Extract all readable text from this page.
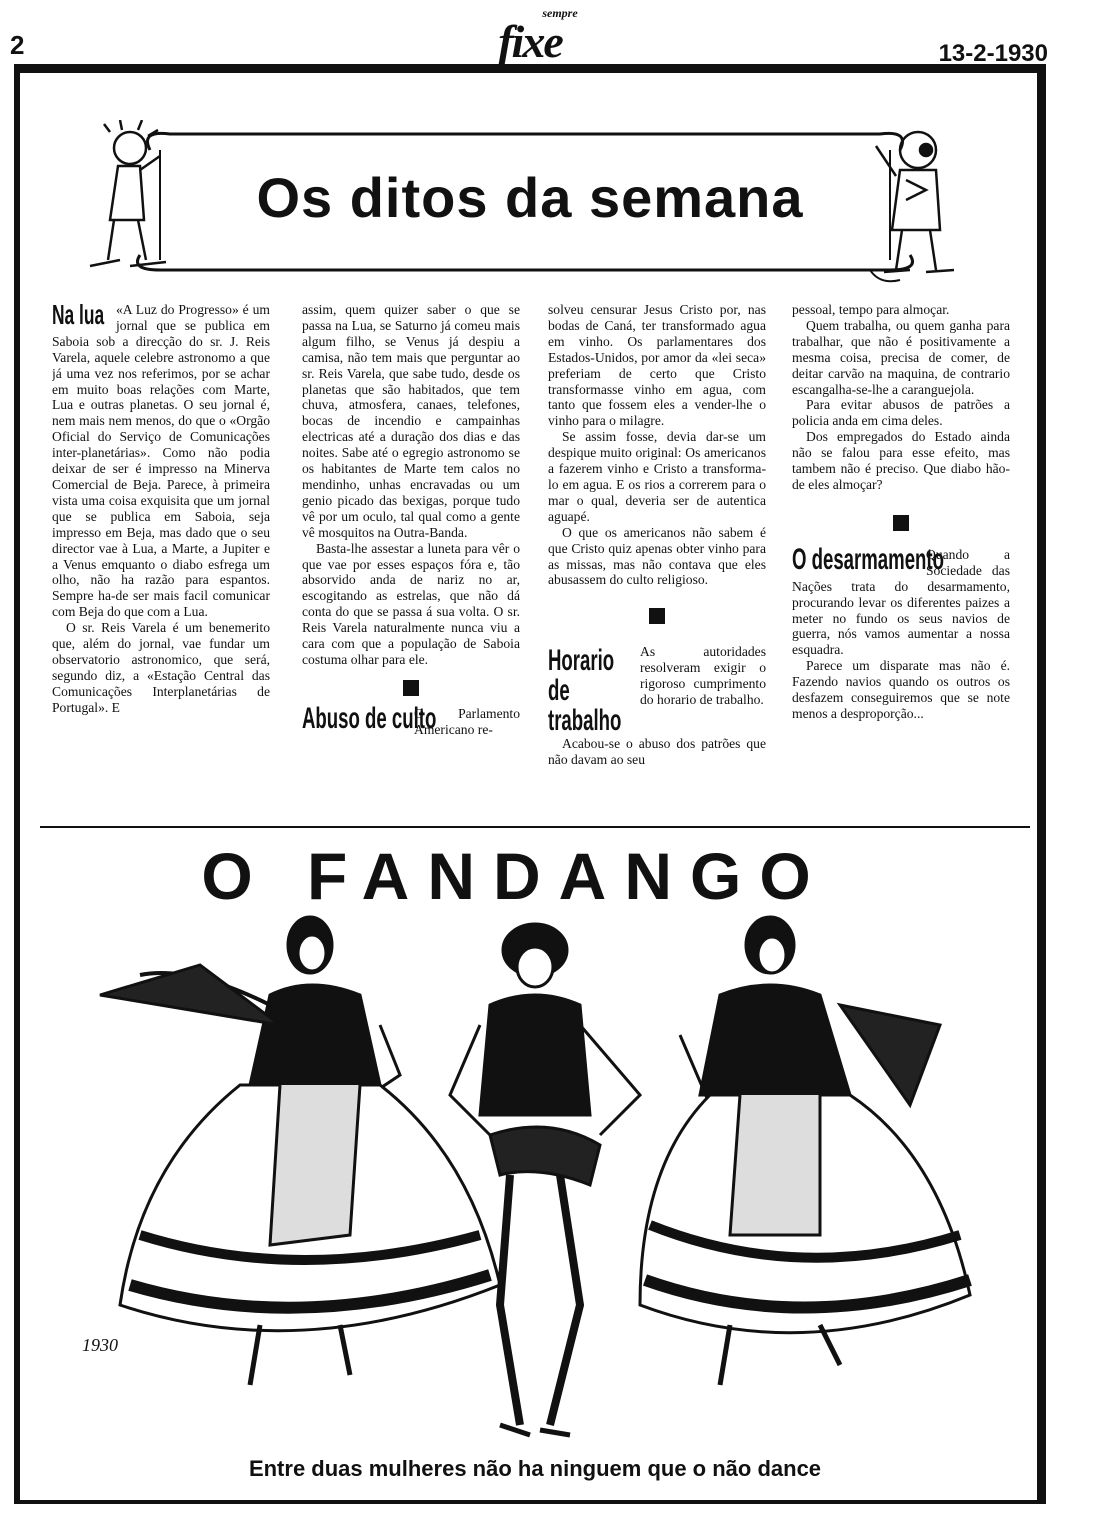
2
sempre
fixe	13-2-1930
Os ditos da semana
Na lua «A Luz do Progresso» é um jornal que se publica em Saboia sob a direcção do sr. J. Reis Varela, aquele celebre astronomo a que já uma vez nos referimos, por se achar em muito boas relações com Marte, Lua e outras planetas. O seu jornal é, nem mais nem menos, do que o «Orgão Oficial do Serviço de Comunicações inter-planetárias». Como não podia deixar de ser é impresso na Minerva Comercial de Beja. Parece, à primeira vista uma coisa exquisita que um jornal que se publica em Saboia, seja impresso em Beja, mas dado que o seu director vae à Lua, a Marte, a Jupiter e a Venus emquanto o diabo esfrega um olho, não ha razão para espantos. Sempre ha-de ser mais facil comunicar com Beja do que com a Lua.

O sr. Reis Varela é um benemerito que, além do jornal, vae fundar um observatorio astronomico, que será, segundo diz, a «Estação Central das Comunicações Interplanetárias de Portugal». E

assim, quem quizer saber o que se passa na Lua, se Saturno já comeu mais algum filho, se Venus já despiu a camisa, não tem mais que perguntar ao sr. Reis Varela, que sabe tudo, desde os planetas que são habitados, que tem chuva, atmosfera, canaes, telefones, bocas de incendio e campainhas electricas até a duração dos dias e das noites. Sabe até o egregio astronomo se os habitantes de Marte tem calos no mendinho, unhas encravadas ou um genio picado das bexigas, porque tudo vê por um oculo, tal qual como a gente vê mosquitos na Outra-Banda.

Basta-lhe assestar a luneta para vêr o que vae por esses espaços fóra e, tão absorvido anda de nariz no ar, escogitando as estrelas, que não dá conta do que se passa á sua volta. O sr. Reis Varela naturalmente nunca viu a cara com que a população de Saboia costuma olhar para ele.

Abuso de culto

O Parlamento Americano re-

solveu censurar Jesus Cristo por, nas bodas de Caná, ter transformado agua em vinho. Os parlamentares dos Estados-Unidos, por amor da «lei seca» preferiam de certo que Cristo transformasse vinho em agua, com tanto que fossem eles a vender-lhe o vinho para o milagre.

Se assim fosse, devia dar-se um despique muito original: Os americanos a fazerem vinho e Cristo a transforma-lo em agua. E os rios a correrem para o mar o qual, deveria ser de autentica aguapé.

O que os americanos não sabem é que Cristo quiz apenas obter vinho para as missas, mas não contava que eles abusassem do culto religioso.

Horario de trabalho

As autoridades resolveram exigir o rigoroso cumprimento do horario de trabalho.

Acabou-se o abuso dos patrões que não davam ao seu

pessoal, tempo para almoçar.

Quem trabalha, ou quem ganha para trabalhar, que não é positivamente a mesma coisa, precisa de comer, de deitar carvão na maquina, de contrario escangalha-se-lhe a caranguejola.

Para evitar abusos de patrões a policia anda em cima deles.

Dos empregados do Estado ainda não se falou para esse efeito, mas tambem não é preciso. Que diabo hão-de eles almoçar?

O desarmamento

Quando a Sociedade das Nações trata do desarmamento, procurando levar os diferentes paizes a meter no fundo os seus navios de guerra, nós vamos aumentar a nossa esquadra.

Parece um disparate mas não é. Fazendo navios quando os outros os desfazem conseguiremos que se note menos a desproporção...

O FANDANGO
1930
Entre duas mulheres não ha ninguem que o não dance
